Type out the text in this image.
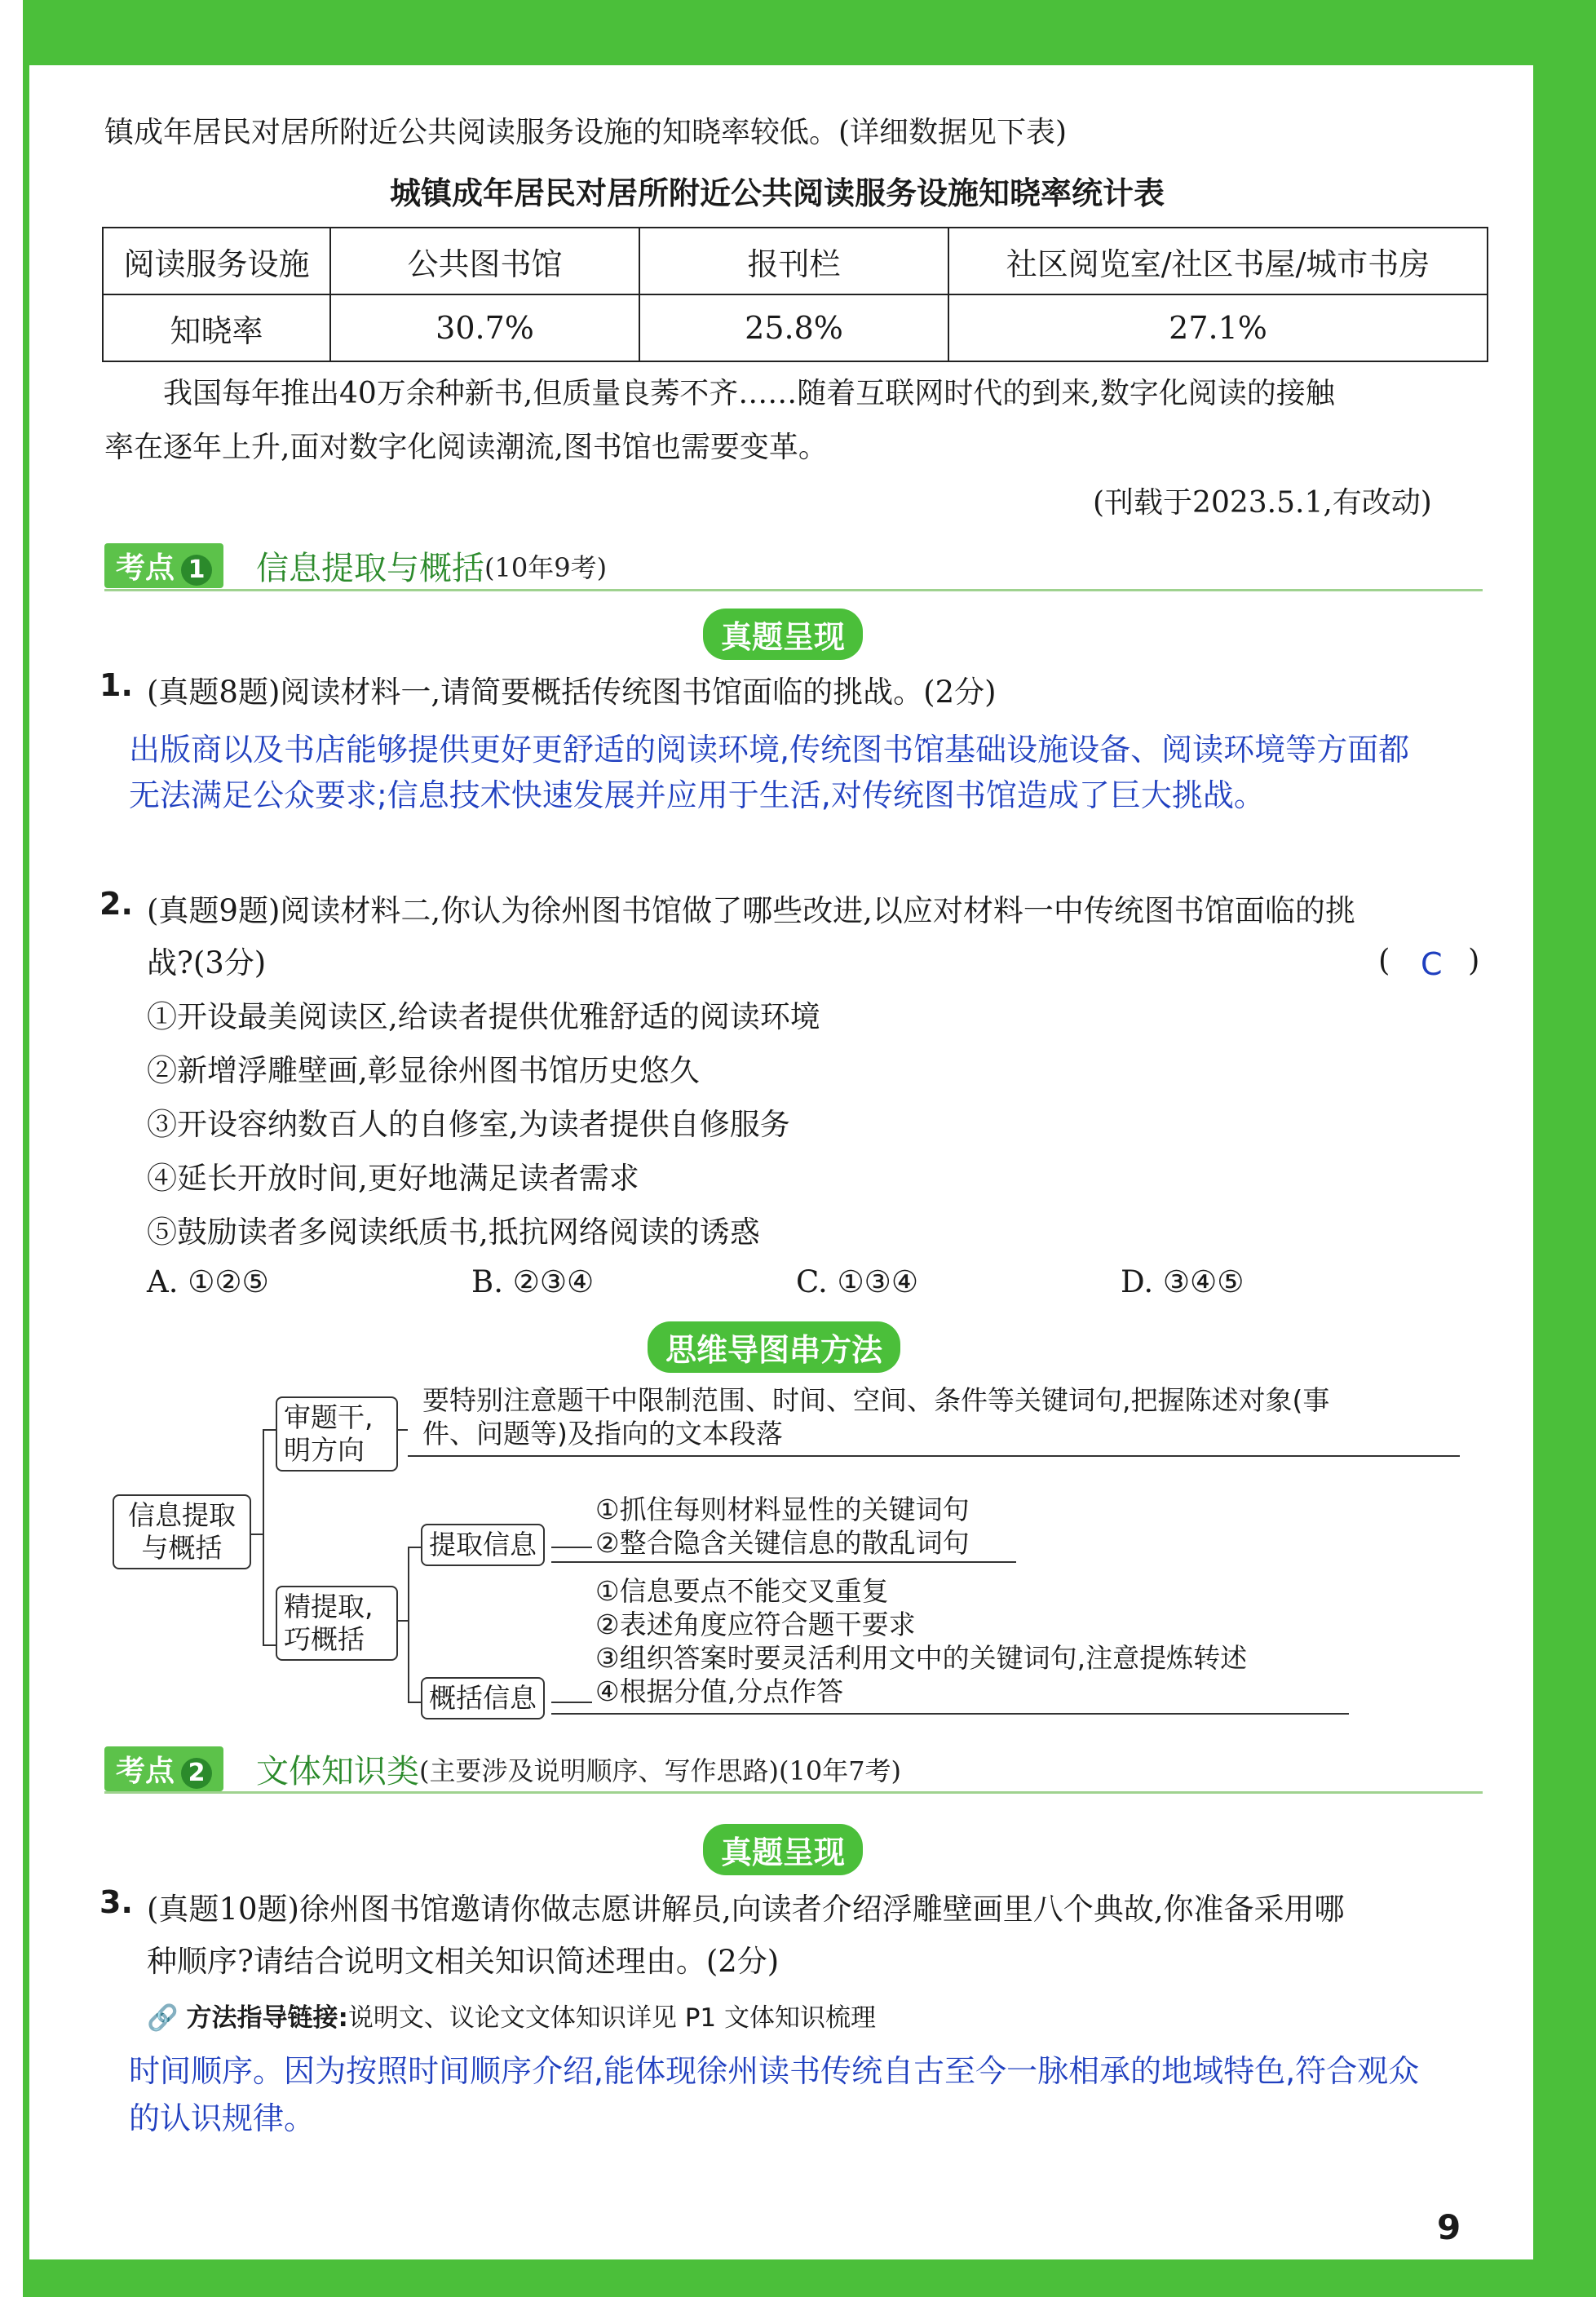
镇成年居民对居所附近公共阅读服务设施的知晓率较低。(详细数据见下表)
城镇成年居民对居所附近公共阅读服务设施知晓率统计表
阅读服务设施	公共图书馆	报刊栏	社区阅览室/社区书屋/城市书房
知晓率	30.7%	25.8%	27.1%
我国每年推出40万余种新书,但质量良莠不齐……随着互联网时代的到来,数字化阅读的接触
率在逐年上升,面对数字化阅读潮流,图书馆也需要变革。
(刊载于2023.5.1,有改动)
考点 1	信息提取与概括 (10年9考)
真题呈现
1. (真题8题)阅读材料一,请简要概括传统图书馆面临的挑战。(2分)
出版商以及书店能够提供更好更舒适的阅读环境,传统图书馆基础设施设备、阅读环境等方面都
无法满足公众要求;信息技术快速发展并应用于生活,对传统图书馆造成了巨大挑战。
2. (真题9题)阅读材料二,你认为徐州图书馆做了哪些改进,以应对材料一中传统图书馆面临的挑
战?(3分)	( C )
①开设最美阅读区,给读者提供优雅舒适的阅读环境
②新增浮雕壁画,彰显徐州图书馆历史悠久
③开设容纳数百人的自修室,为读者提供自修服务
④延长开放时间,更好地满足读者需求
⑤鼓励读者多阅读纸质书,抵抗网络阅读的诱惑
A. ①②⑤	B. ②③④	C. ①③④	D. ③④⑤
思维导图串方法
信息提取
与概括
审题干,
明方向
要特别注意题干中限制范围、时间、空间、条件等关键词句,把握陈述对象(事
件、问题等)及指向的文本段落
精提取,
巧概括
提取信息
①抓住每则材料显性的关键词句
②整合隐含关键信息的散乱词句
概括信息
①信息要点不能交叉重复
②表述角度应符合题干要求
③组织答案时要灵活利用文中的关键词句,注意提炼转述
④根据分值,分点作答
考点 2	文体知识类 (主要涉及说明顺序、写作思路)(10年7考)
真题呈现
3. (真题10题)徐州图书馆邀请你做志愿讲解员,向读者介绍浮雕壁画里八个典故,你准备采用哪
种顺序?请结合说明文相关知识简述理由。(2分)
🔗 方法指导链接:说明文、议论文文体知识详见 P1 文体知识梳理
时间顺序。因为按照时间顺序介绍,能体现徐州读书传统自古至今一脉相承的地域特色,符合观众
的认识规律。
9
